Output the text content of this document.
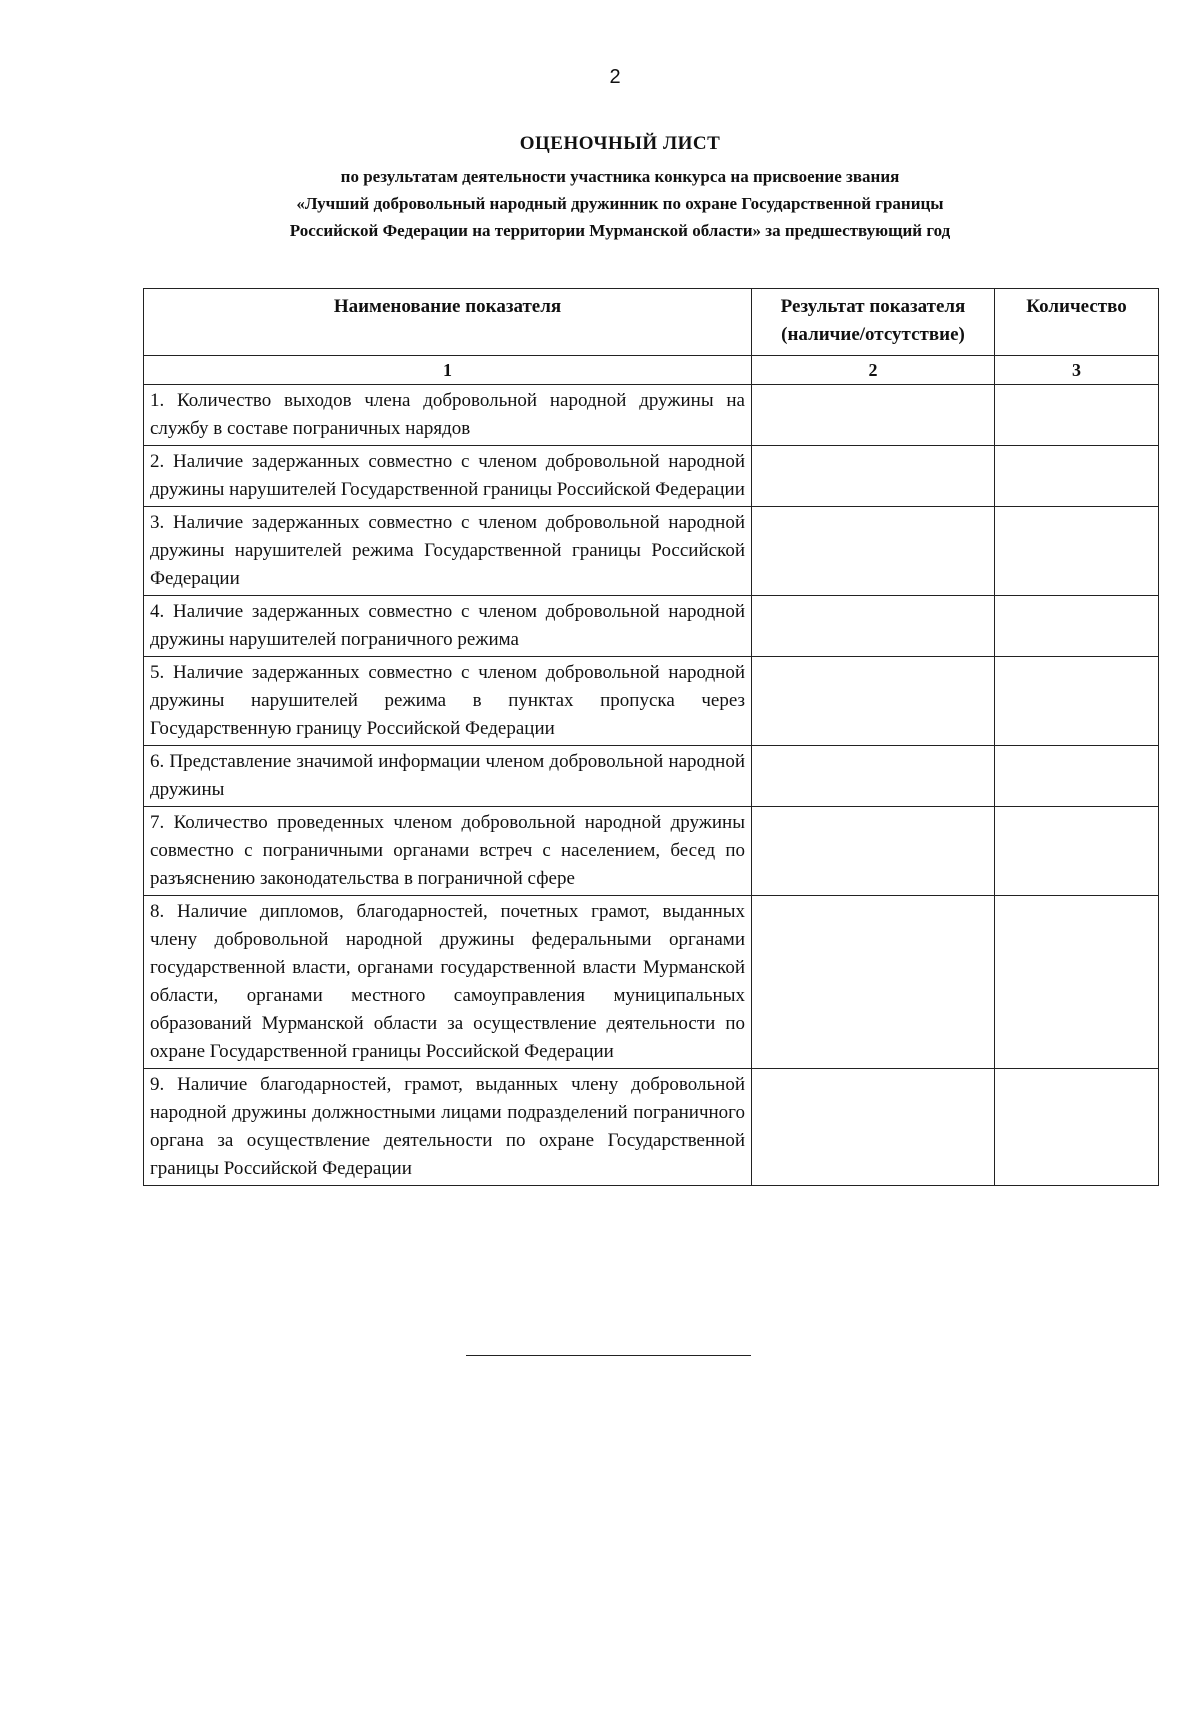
2
ОЦЕНОЧНЫЙ ЛИСТ
по результатам деятельности участника конкурса на присвоение звания
«Лучший добровольный народный дружинник по охране Государственной границы
Российской Федерации на территории Мурманской области» за предшествующий год
Наименование показателя	Результат показателя (наличие/отсутствие)	Количество
1	2	3
1. Количество выходов члена добровольной народной дружины на службу в составе пограничных нарядов		
2. Наличие задержанных совместно с членом добровольной народной дружины нарушителей Государственной границы Российской Федерации		
3. Наличие задержанных совместно с членом добровольной народной дружины нарушителей режима Государственной границы Российской Федерации		
4. Наличие задержанных совместно с членом добровольной народной дружины нарушителей пограничного режима		
5. Наличие задержанных совместно с членом добровольной народной дружины нарушителей режима в пунктах пропуска через Государственную границу Российской Федерации		
6. Представление значимой информации членом добровольной народной дружины		
7. Количество проведенных членом добровольной народной дружины совместно с пограничными органами встреч с населением, бесед по разъяснению законодательства в пограничной сфере		
8. Наличие дипломов, благодарностей, почетных грамот, выданных члену добровольной народной дружины федеральными органами государственной власти, органами государственной власти Мурманской области, органами местного самоуправления муниципальных образований Мурманской области за осуществление деятельности по охране Государственной границы Российской Федерации		
9. Наличие благодарностей, грамот, выданных члену добровольной народной дружины должностными лицами подразделений пограничного органа за осуществление деятельности по охране Государственной границы Российской Федерации		
